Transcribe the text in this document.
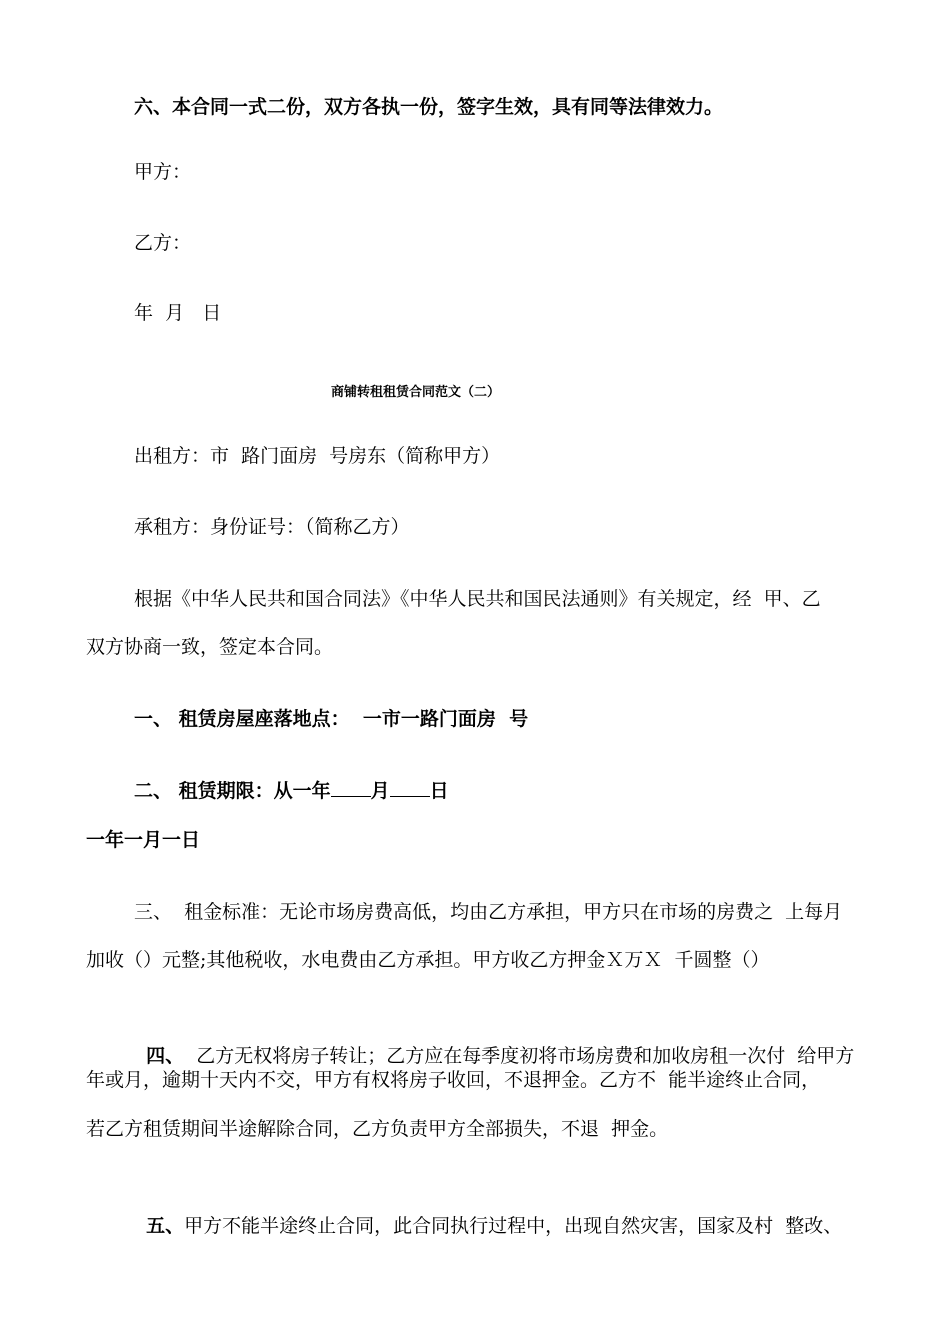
六、本合同一式二份，双方各执一份，签字生效，具有同等法律效力。
甲方：
乙方：
年  月   日
商铺转租租赁合同范文（二）
出租方：市  路门面房  号房东（简称甲方）
承租方：身份证号：（简称乙方）
根据《中华人民共和国合同法》《中华人民共和国民法通则》有关规定，经  甲、乙
双方协商一致，签定本合同。
一、 租赁房屋座落地点：  一市一路门面房  号
二、 租赁期限：从一年 月 日
一年一月一日
三、  租金标准：无论市场房费高低，均由乙方承担，甲方只在市场的房费之  上每月
加收（）元整;其他税收，水电费由乙方承担。甲方收乙方押金Ｘ万Ｘ  千圆整（）

四、  乙方无权将房子转让；乙方应在每季度初将市场房费和加收房租一次付  给甲方

年或月，逾期十天内不交，甲方有权将房子收回，不退押金。乙方不  能半途终止合同，
若乙方租赁期间半途解除合同，乙方负责甲方全部损失，不退  押金。

五、甲方不能半途终止合同，此合同执行过程中，出现自然灾害，国家及村  整改、
